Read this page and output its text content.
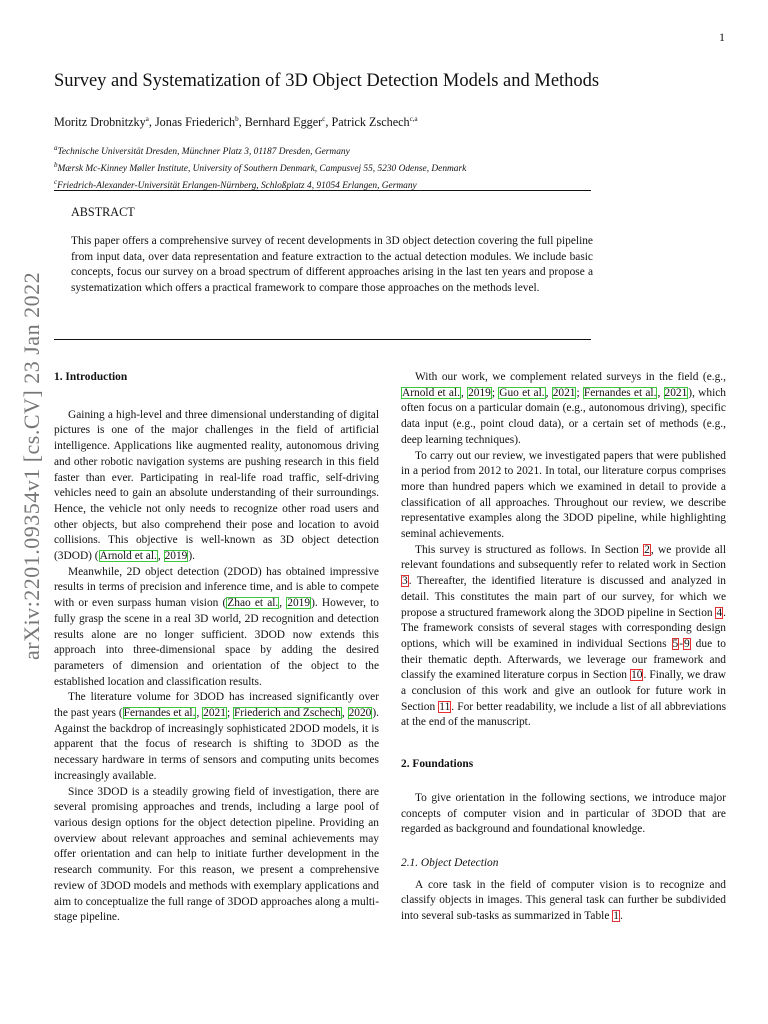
1
arXiv:2201.09354v1 [cs.CV] 23 Jan 2022
Survey and Systematization of 3D Object Detection Models and Methods
Moritz Drobnitzky$^a$, Jonas Friederich$^b$, Bernhard Egger$^c$, Patrick Zschech$^{c,a}$
$^a$Technische Universität Dresden, Münchner Platz 3, 01187 Dresden, Germany
$^b$Mærsk Mc-Kinney Møller Institute, University of Southern Denmark, Campusvej 55, 5230 Odense, Denmark
$^c$Friedrich-Alexander-Universität Erlangen-Nürnberg, Schloßplatz 4, 91054 Erlangen, Germany
ABSTRACT
This paper offers a comprehensive survey of recent developments in 3D object detection covering the full pipeline from input data, over data representation and feature extraction to the actual detection modules. We include basic concepts, focus our survey on a broad spectrum of different approaches arising in the last ten years and propose a systematization which offers a practical framework to compare those approaches on the methods level.

1. Introduction

Gaining a high-level and three dimensional understanding of digital pictures is one of the major challenges in the field of artificial intelligence. Applications like augmented reality, autonomous driving and other robotic navigation systems are pushing research in this field faster than ever. Participating in real-life road traffic, self-driving vehicles need to gain an absolute understanding of their surroundings. Hence, the vehicle not only needs to recognize other road users and other objects, but also comprehend their pose and location to avoid collisions. This objective is well-known as 3D object detection (3DOD) (Arnold et al., 2019).

Meanwhile, 2D object detection (2DOD) has obtained impressive results in terms of precision and inference time, and is able to compete with or even surpass human vision (Zhao et al., 2019). However, to fully grasp the scene in a real 3D world, 2D recognition and detection results alone are no longer sufficient. 3DOD now extends this approach into three-dimensional space by adding the desired parameters of dimension and orientation of the object to the established location and classification results.

The literature volume for 3DOD has increased significantly over the past years (Fernandes et al., 2021; Friederich and Zschech, 2020). Against the backdrop of increasingly sophisticated 2DOD models, it is apparent that the focus of research is shifting to 3DOD as the necessary hardware in terms of sensors and computing units becomes increasingly available.

Since 3DOD is a steadily growing field of investigation, there are several promising approaches and trends, including a large pool of various design options for the object detection pipeline. Providing an overview about relevant approaches and seminal achievements may offer orientation and can help to initiate further development in the research community. For this reason, we present a comprehensive review of 3DOD models and methods with exemplary applications and aim to conceptualize the full range of 3DOD approaches along a multi-stage pipeline.

With our work, we complement related surveys in the field (e.g., Arnold et al., 2019; Guo et al., 2021; Fernandes et al., 2021), which often focus on a particular domain (e.g., autonomous driving), specific data input (e.g., point cloud data), or a certain set of methods (e.g., deep learning techniques).

To carry out our review, we investigated papers that were published in a period from 2012 to 2021. In total, our literature corpus comprises more than hundred papers which we examined in detail to provide a classification of all approaches. Throughout our review, we describe representative examples along the 3DOD pipeline, while highlighting seminal achievements.

This survey is structured as follows. In Section 2, we provide all relevant foundations and subsequently refer to related work in Section 3. Thereafter, the identified literature is discussed and analyzed in detail. This constitutes the main part of our survey, for which we propose a structured framework along the 3DOD pipeline in Section 4. The framework consists of several stages with corresponding design options, which will be examined in individual Sections 5-9 due to their thematic depth. Afterwards, we leverage our framework and classify the examined literature corpus in Section 10. Finally, we draw a conclusion of this work and give an outlook for future work in Section 11. For better readability, we include a list of all abbreviations at the end of the manuscript.

2. Foundations

To give orientation in the following sections, we introduce major concepts of computer vision and in particular of 3DOD that are regarded as background and foundational knowledge.

2.1. Object Detection

A core task in the field of computer vision is to recognize and classify objects in images. This general task can further be subdivided into several sub-tasks as summarized in Table 1.
